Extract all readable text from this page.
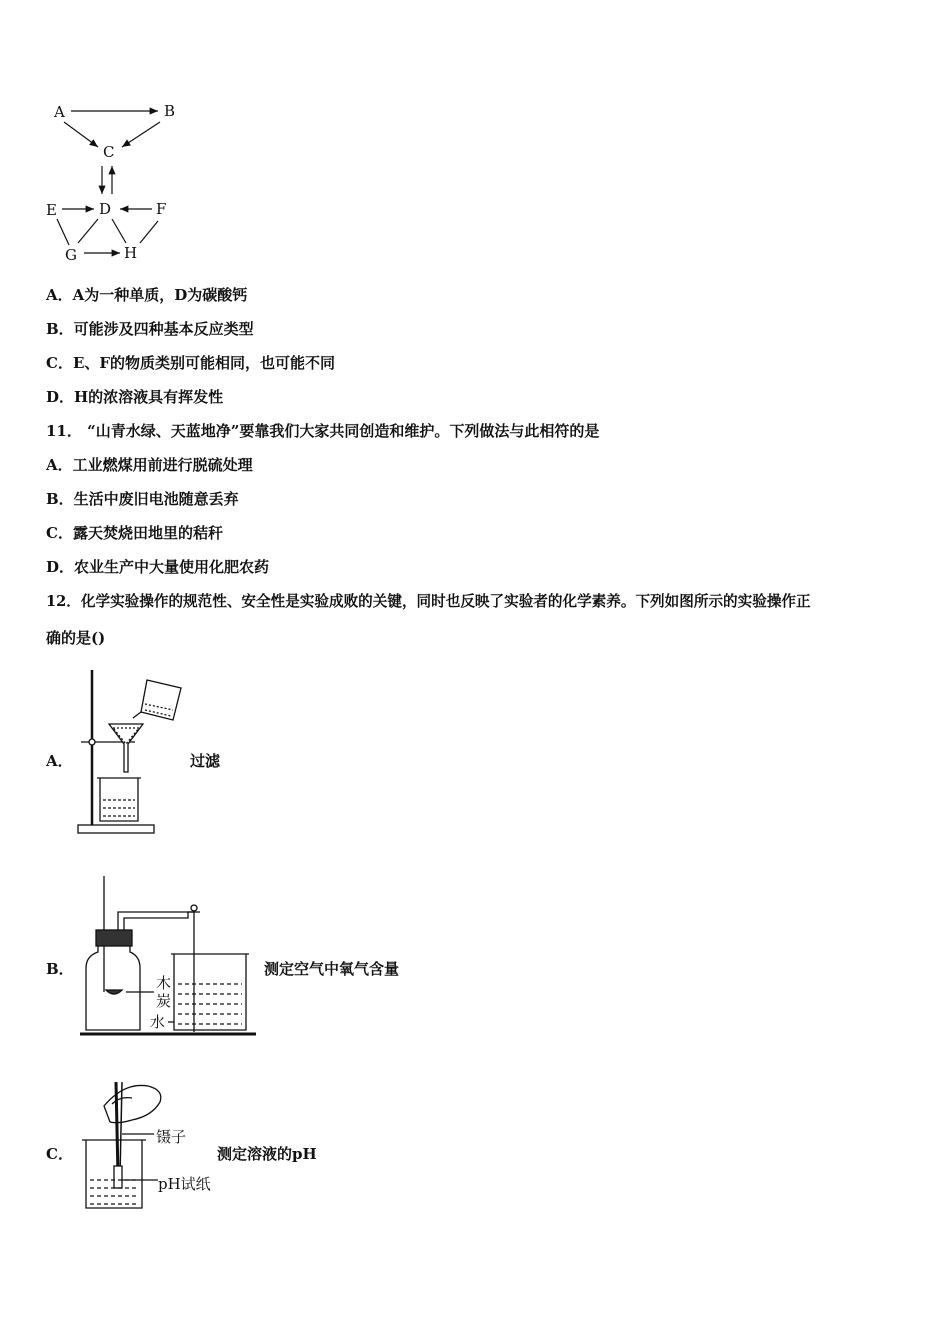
A	B
C
D
E	F
G	H
A．A为一种单质，D为碳酸钙
B．可能涉及四种基本反应类型
C．E、F的物质类别可能相同，也可能不同
D．H的浓溶液具有挥发性
11． “山青水绿、天蓝地净”要靠我们大家共同创造和维护。下列做法与此相符的是
A．工业燃煤用前进行脱硫处理
B．生活中废旧电池随意丢弃
C．露天焚烧田地里的秸秆
D．农业生产中大量使用化肥农药
12．化学实验操作的规范性、安全性是实验成败的关键，同时也反映了实验者的化学素养。下列如图所示的实验操作正
确的是()
A．	过滤
B．
木
炭
水
测定空气中氧气含量
C．
镊子
pH试纸
测定溶液的pH
